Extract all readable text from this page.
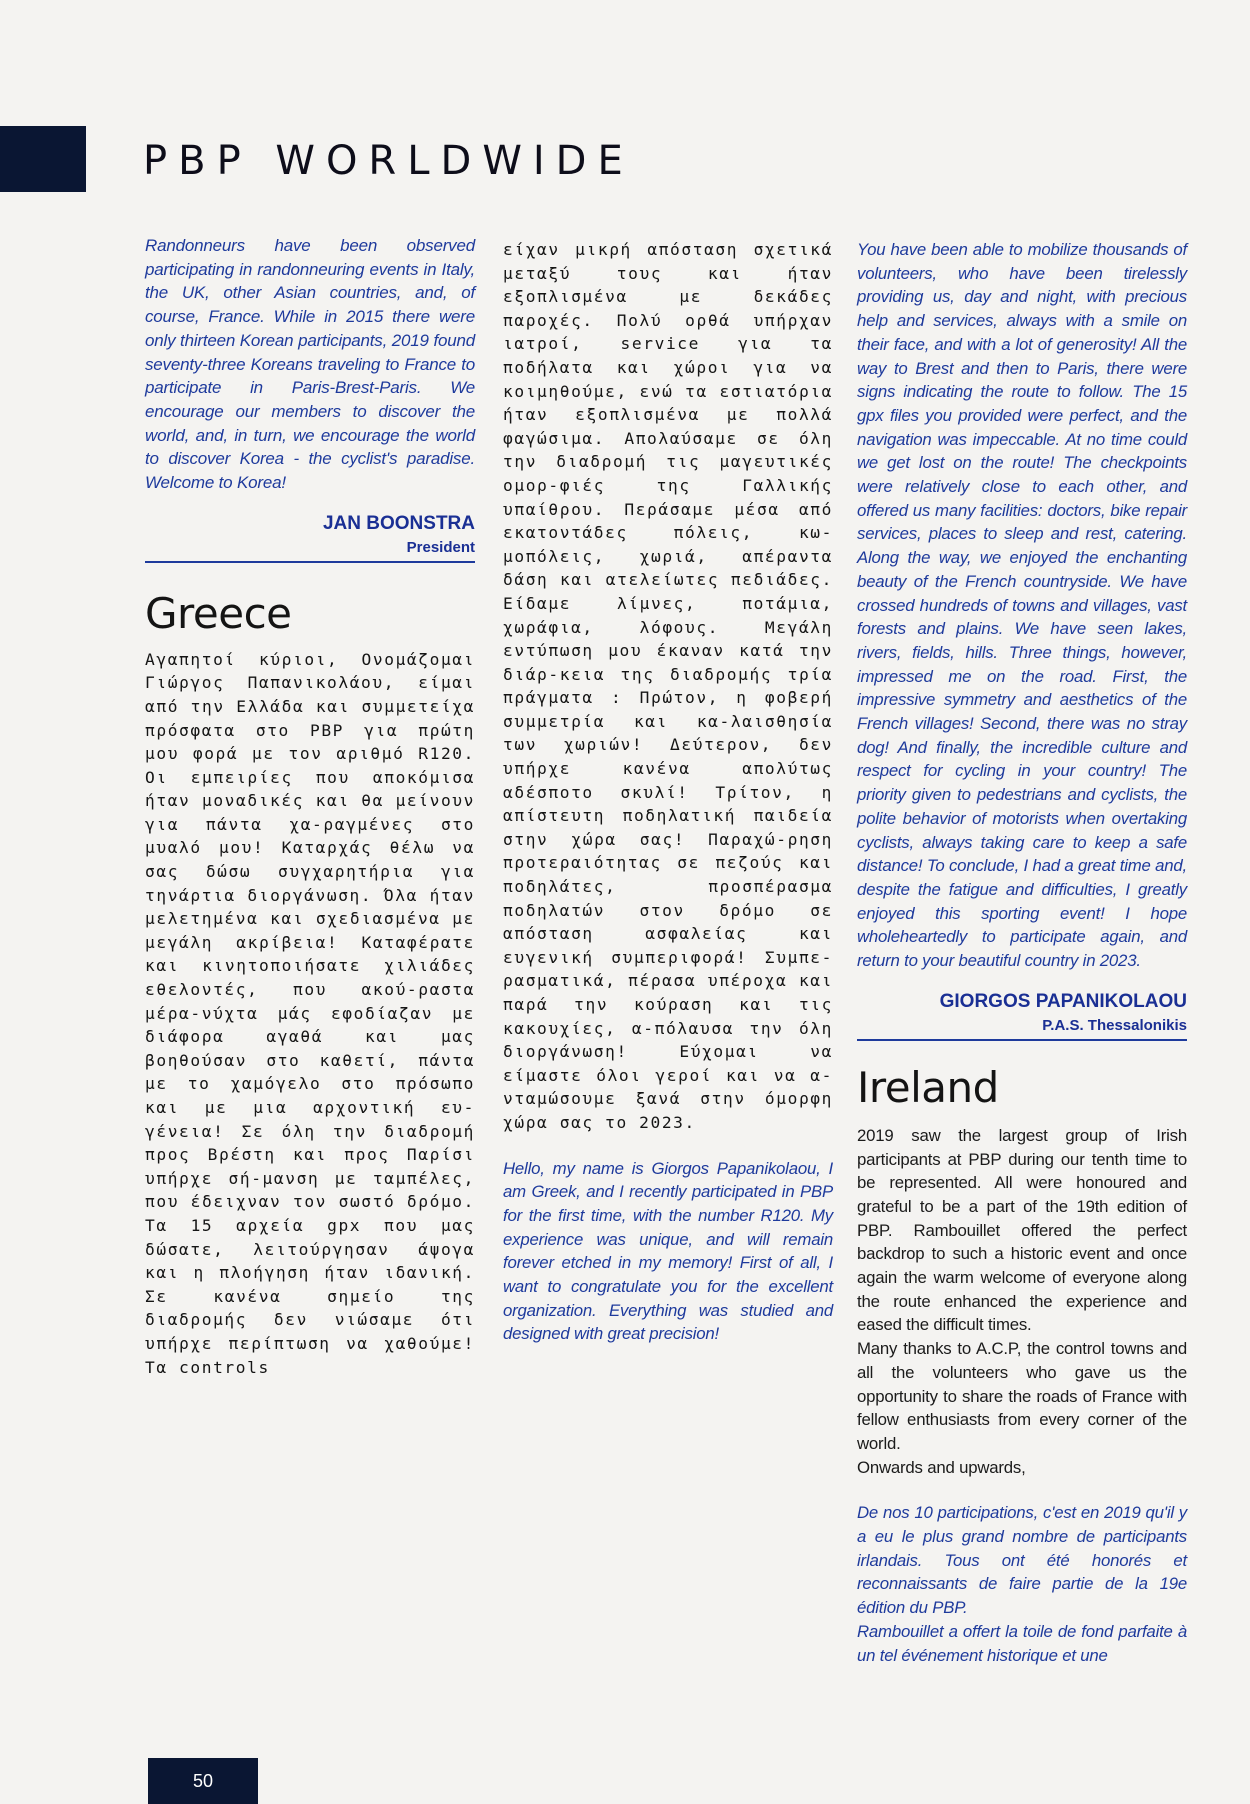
PBP WORLDWIDE

Randonneurs have been observed participating in randonneuring events in Italy, the UK, other Asian countries, and, of course, France. While in 2015 there were only thirteen Korean participants, 2019 found seventy-three Koreans traveling to France to participate in Paris-Brest-Paris. We encourage our members to discover the world, and, in turn, we encourage the world to discover Korea - the cyclist's paradise. Welcome to Korea!

JAN BOONSTRA
President
Greece

Αγαπητοί κύριοι, Ονομάζομαι Γιώργος Παπανικολάου, είμαι από την Ελλάδα και συμμετείχα πρόσφατα στο PBP για πρώτη μου φορά με τον αριθμό R120. Οι εμπειρίες που αποκόμισα ήταν μοναδικές και θα μείνουν για πάντα χα-ραγμένες στο μυαλό μου! Καταρχάς θέλω να σας δώσω συγχαρητήρια για τηνάρτια διοργάνωση. Όλα ήταν μελετημένα και σχεδιασμένα με μεγάλη ακρίβεια! Καταφέρατε και κινητοποιήσατε χιλιάδες εθελοντές, που ακού-ραστα μέρα-νύχτα μάς εφοδίαζαν με διάφορα αγαθά και μας βοηθούσαν στο καθετί, πάντα με το χαμόγελο στο πρόσωπο και με μια αρχοντική ευ-γένεια! Σε όλη την διαδρομή προς Βρέστη και προς Παρίσι υπήρχε σή-μανση με ταμπέλες, που έδειχναν τον σωστό δρόμο. Τα 15 αρχεία gpx που μας δώσατε, λειτούργησαν άψογα και η πλοήγηση ήταν ιδανική. Σε κανένα σημείο της διαδρομής δεν νιώσαμε ότι υπήρχε περίπτωση να χαθούμε! Τα controls

είχαν μικρή απόσταση σχετικά μεταξύ τους και ήταν εξοπλισμένα με δεκάδες παροχές. Πολύ ορθά υπήρχαν ιατροί, service για τα ποδήλατα και χώροι για να κοιμηθούμε, ενώ τα εστιατόρια ήταν εξοπλισμένα με πολλά φαγώσιμα. Απολαύσαμε σε όλη την διαδρομή τις μαγευτικές ομορ-φιές της Γαλλικής υπαίθρου. Περάσαμε μέσα από εκατοντάδες πόλεις, κω-μοπόλεις, χωριά, απέραντα δάση και ατελείωτες πεδιάδες. Είδαμε λίμνες, ποτάμια, χωράφια, λόφους. Μεγάλη εντύπωση μου έκαναν κατά την διάρ-κεια της διαδρομής τρία πράγματα : Πρώτον, η φοβερή συμμετρία και κα-λαισθησία των χωριών! Δεύτερον, δεν υπήρχε κανένα απολύτως αδέσποτο σκυλί! Τρίτον, η απίστευτη ποδηλατική παιδεία στην χώρα σας! Παραχώ-ρηση προτεραιότητας σε πεζούς και ποδηλάτες, προσπέρασμα ποδηλατών στον δρόμο σε απόσταση ασφαλείας και ευγενική συμπεριφορά! Συμπε-ρασματικά, πέρασα υπέροχα και παρά την κούραση και τις κακουχίες, α-πόλαυσα την όλη διοργάνωση! Εύχομαι να είμαστε όλοι γεροί και να α-νταμώσουμε ξανά στην όμορφη χώρα σας το 2023.

Hello, my name is Giorgos Papanikolaou, I am Greek, and I recently participated in PBP for the first time, with the number R120. My experience was unique, and will remain forever etched in my memory! First of all, I want to congratulate you for the excellent organization. Everything was studied and designed with great precision!

You have been able to mobilize thousands of volunteers, who have been tirelessly providing us, day and night, with precious help and services, always with a smile on their face, and with a lot of generosity! All the way to Brest and then to Paris, there were signs indicating the route to follow. The 15 gpx files you provided were perfect, and the navigation was impeccable. At no time could we get lost on the route! The checkpoints were relatively close to each other, and offered us many facilities: doctors, bike repair services, places to sleep and rest, catering. Along the way, we enjoyed the enchanting beauty of the French countryside. We have crossed hundreds of towns and villages, vast forests and plains. We have seen lakes, rivers, fields, hills. Three things, however, impressed me on the road. First, the impressive symmetry and aesthetics of the French villages! Second, there was no stray dog! And finally, the incredible culture and respect for cycling in your country! The priority given to pedestrians and cyclists, the polite behavior of motorists when overtaking cyclists, always taking care to keep a safe distance! To conclude, I had a great time and, despite the fatigue and difficulties, I greatly enjoyed this sporting event! I hope wholeheartedly to participate again, and return to your beautiful country in 2023.

GIORGOS PAPANIKOLAOU
P.A.S. Thessalonikis
Ireland

2019 saw the largest group of Irish participants at PBP during our tenth time to be represented. All were honoured and grateful to be a part of the 19th edition of PBP. Rambouillet offered the perfect backdrop to such a historic event and once again the warm welcome of everyone along the route enhanced the experience and eased the difficult times.

Many thanks to A.C.P, the control towns and all the volunteers who gave us the opportunity to share the roads of France with fellow enthusiasts from every corner of the world.

Onwards and upwards,

De nos 10 participations, c'est en 2019 qu'il y a eu le plus grand nombre de participants irlandais. Tous ont été honorés et reconnaissants de faire partie de la 19e édition du PBP.

Rambouillet a offert la toile de fond parfaite à un tel événement historique et une

50
